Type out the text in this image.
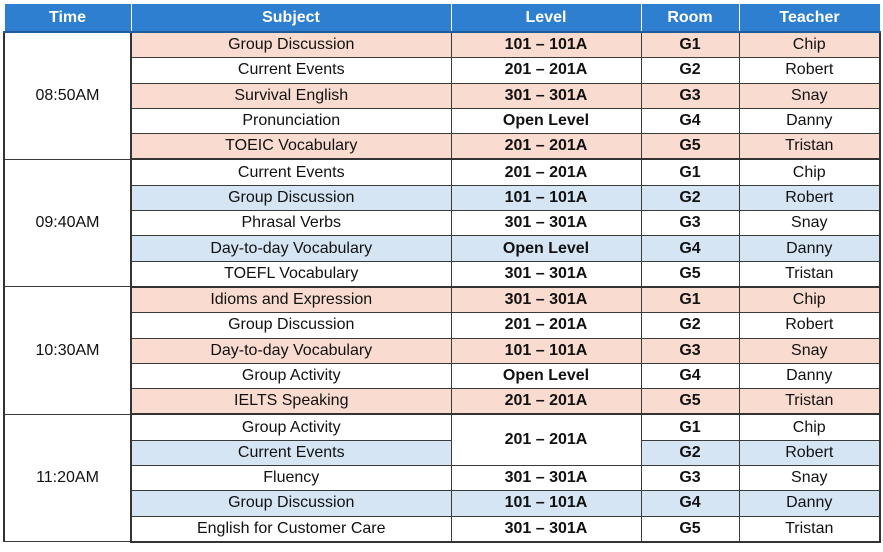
Time	Subject	Level	Room	Teacher
08:50AM	Group Discussion	101 – 101A	G1	Chip
	Current Events	201 – 201A	G2	Robert
	Survival English	301 – 301A	G3	Snay
	Pronunciation	Open Level	G4	Danny
	TOEIC Vocabulary	201 – 201A	G5	Tristan
09:40AM	Current Events	201 – 201A	G1	Chip
	Group Discussion	101 – 101A	G2	Robert
	Phrasal Verbs	301 – 301A	G3	Snay
	Day-to-day Vocabulary	Open Level	G4	Danny
	TOEFL Vocabulary	301 – 301A	G5	Tristan
10:30AM	Idioms and Expression	301 – 301A	G1	Chip
	Group Discussion	201 – 201A	G2	Robert
	Day-to-day Vocabulary	101 – 101A	G3	Snay
	Group Activity	Open Level	G4	Danny
	IELTS Speaking	201 – 201A	G5	Tristan
11:20AM	Group Activity	201 – 201A	G1	Chip
	Current Events		G2	Robert
	Fluency	301 – 301A	G3	Snay
	Group Discussion	101 – 101A	G4	Danny
	English for Customer Care	301 – 301A	G5	Tristan
